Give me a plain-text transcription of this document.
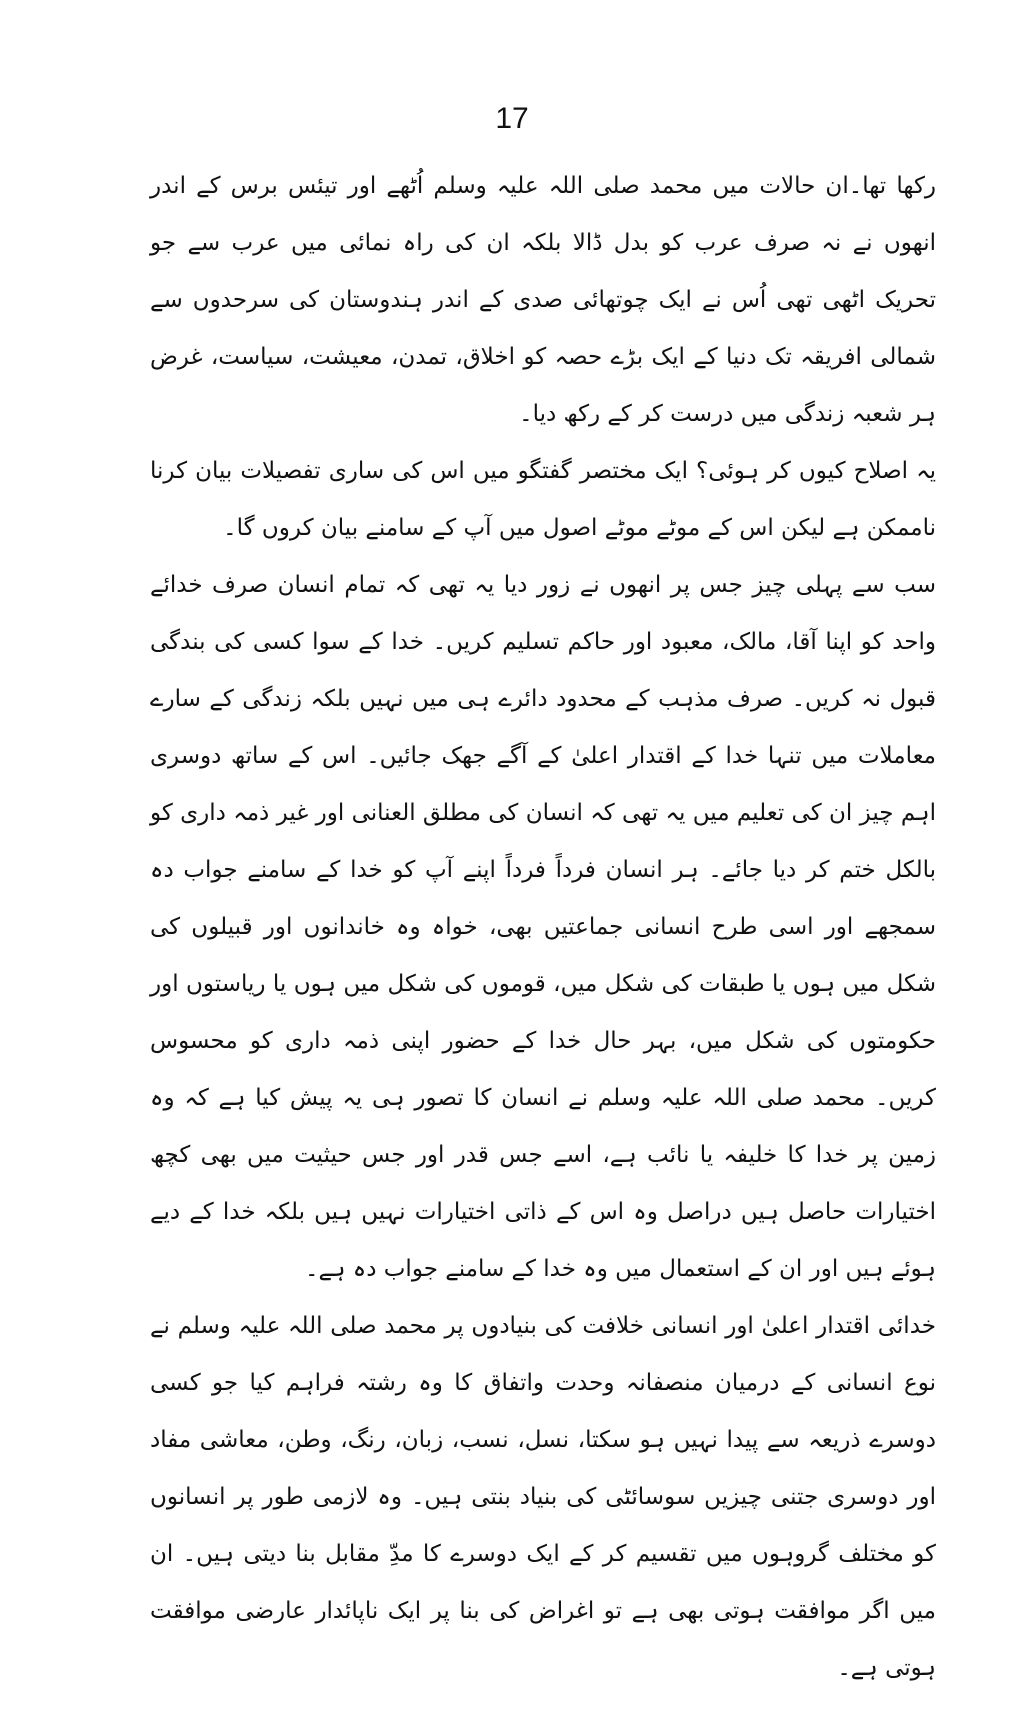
17

رکھا تھا۔ان حالات میں محمد صلی اللہ علیہ وسلم اُٹھے اور تیئس برس کے اندر انھوں نے نہ صرف عرب کو بدل ڈالا بلکہ ان کی راہ نمائی میں عرب سے جو تحریک اٹھی تھی اُس نے ایک چوتھائی صدی کے اندر ہندوستان کی سرحدوں سے شمالی افریقہ تک دنیا کے ایک بڑے حصہ کو اخلاق، تمدن، معیشت، سیاست، غرض ہر شعبہ زندگی میں درست کر کے رکھ دیا۔

یہ اصلاح کیوں کر ہوئی؟ ایک مختصر گفتگو میں اس کی ساری تفصیلات بیان کرنا ناممکن ہے لیکن اس کے موٹے موٹے اصول میں آپ کے سامنے بیان کروں گا۔

سب سے پہلی چیز جس پر انھوں نے زور دیا یہ تھی کہ تمام انسان صرف خدائے واحد کو اپنا آقا، مالک، معبود اور حاکم تسلیم کریں۔ خدا کے سوا کسی کی بندگی قبول نہ کریں۔ صرف مذہب کے محدود دائرے ہی میں نہیں بلکہ زندگی کے سارے معاملات میں تنہا خدا کے اقتدار اعلیٰ کے آگے جھک جائیں۔ اس کے ساتھ دوسری اہم چیز ان کی تعلیم میں یہ تھی کہ انسان کی مطلق العنانی اور غیر ذمہ داری کو بالکل ختم کر دیا جائے۔ ہر انسان فرداً فرداً اپنے آپ کو خدا کے سامنے جواب دہ سمجھے اور اسی طرح انسانی جماعتیں بھی، خواہ وہ خاندانوں اور قبیلوں کی شکل میں ہوں یا طبقات کی شکل میں، قوموں کی شکل میں ہوں یا ریاستوں اور حکومتوں کی شکل میں، بہر حال خدا کے حضور اپنی ذمہ داری کو محسوس کریں۔ محمد صلی اللہ علیہ وسلم نے انسان کا تصور ہی یہ پیش کیا ہے کہ وہ زمین پر خدا کا خلیفہ یا نائب ہے، اسے جس قدر اور جس حیثیت میں بھی کچھ اختیارات حاصل ہیں دراصل وہ اس کے ذاتی اختیارات نہیں ہیں بلکہ خدا کے دیے ہوئے ہیں اور ان کے استعمال میں وہ خدا کے سامنے جواب دہ ہے۔

خدائی اقتدار اعلیٰ اور انسانی خلافت کی بنیادوں پر محمد صلی اللہ علیہ وسلم نے نوع انسانی کے درمیان منصفانہ وحدت واتفاق کا وہ رشتہ فراہم کیا جو کسی دوسرے ذریعہ سے پیدا نہیں ہو سکتا، نسل، نسب، زبان، رنگ، وطن، معاشی مفاد اور دوسری جتنی چیزیں سوسائٹی کی بنیاد بنتی ہیں۔ وہ لازمی طور پر انسانوں کو مختلف گروہوں میں تقسیم کر کے ایک دوسرے کا مدِّ مقابل بنا دیتی ہیں۔ ان میں اگر موافقت ہوتی بھی ہے تو اغراض کی بنا پر ایک ناپائدار عارضی موافقت ہوتی ہے۔
